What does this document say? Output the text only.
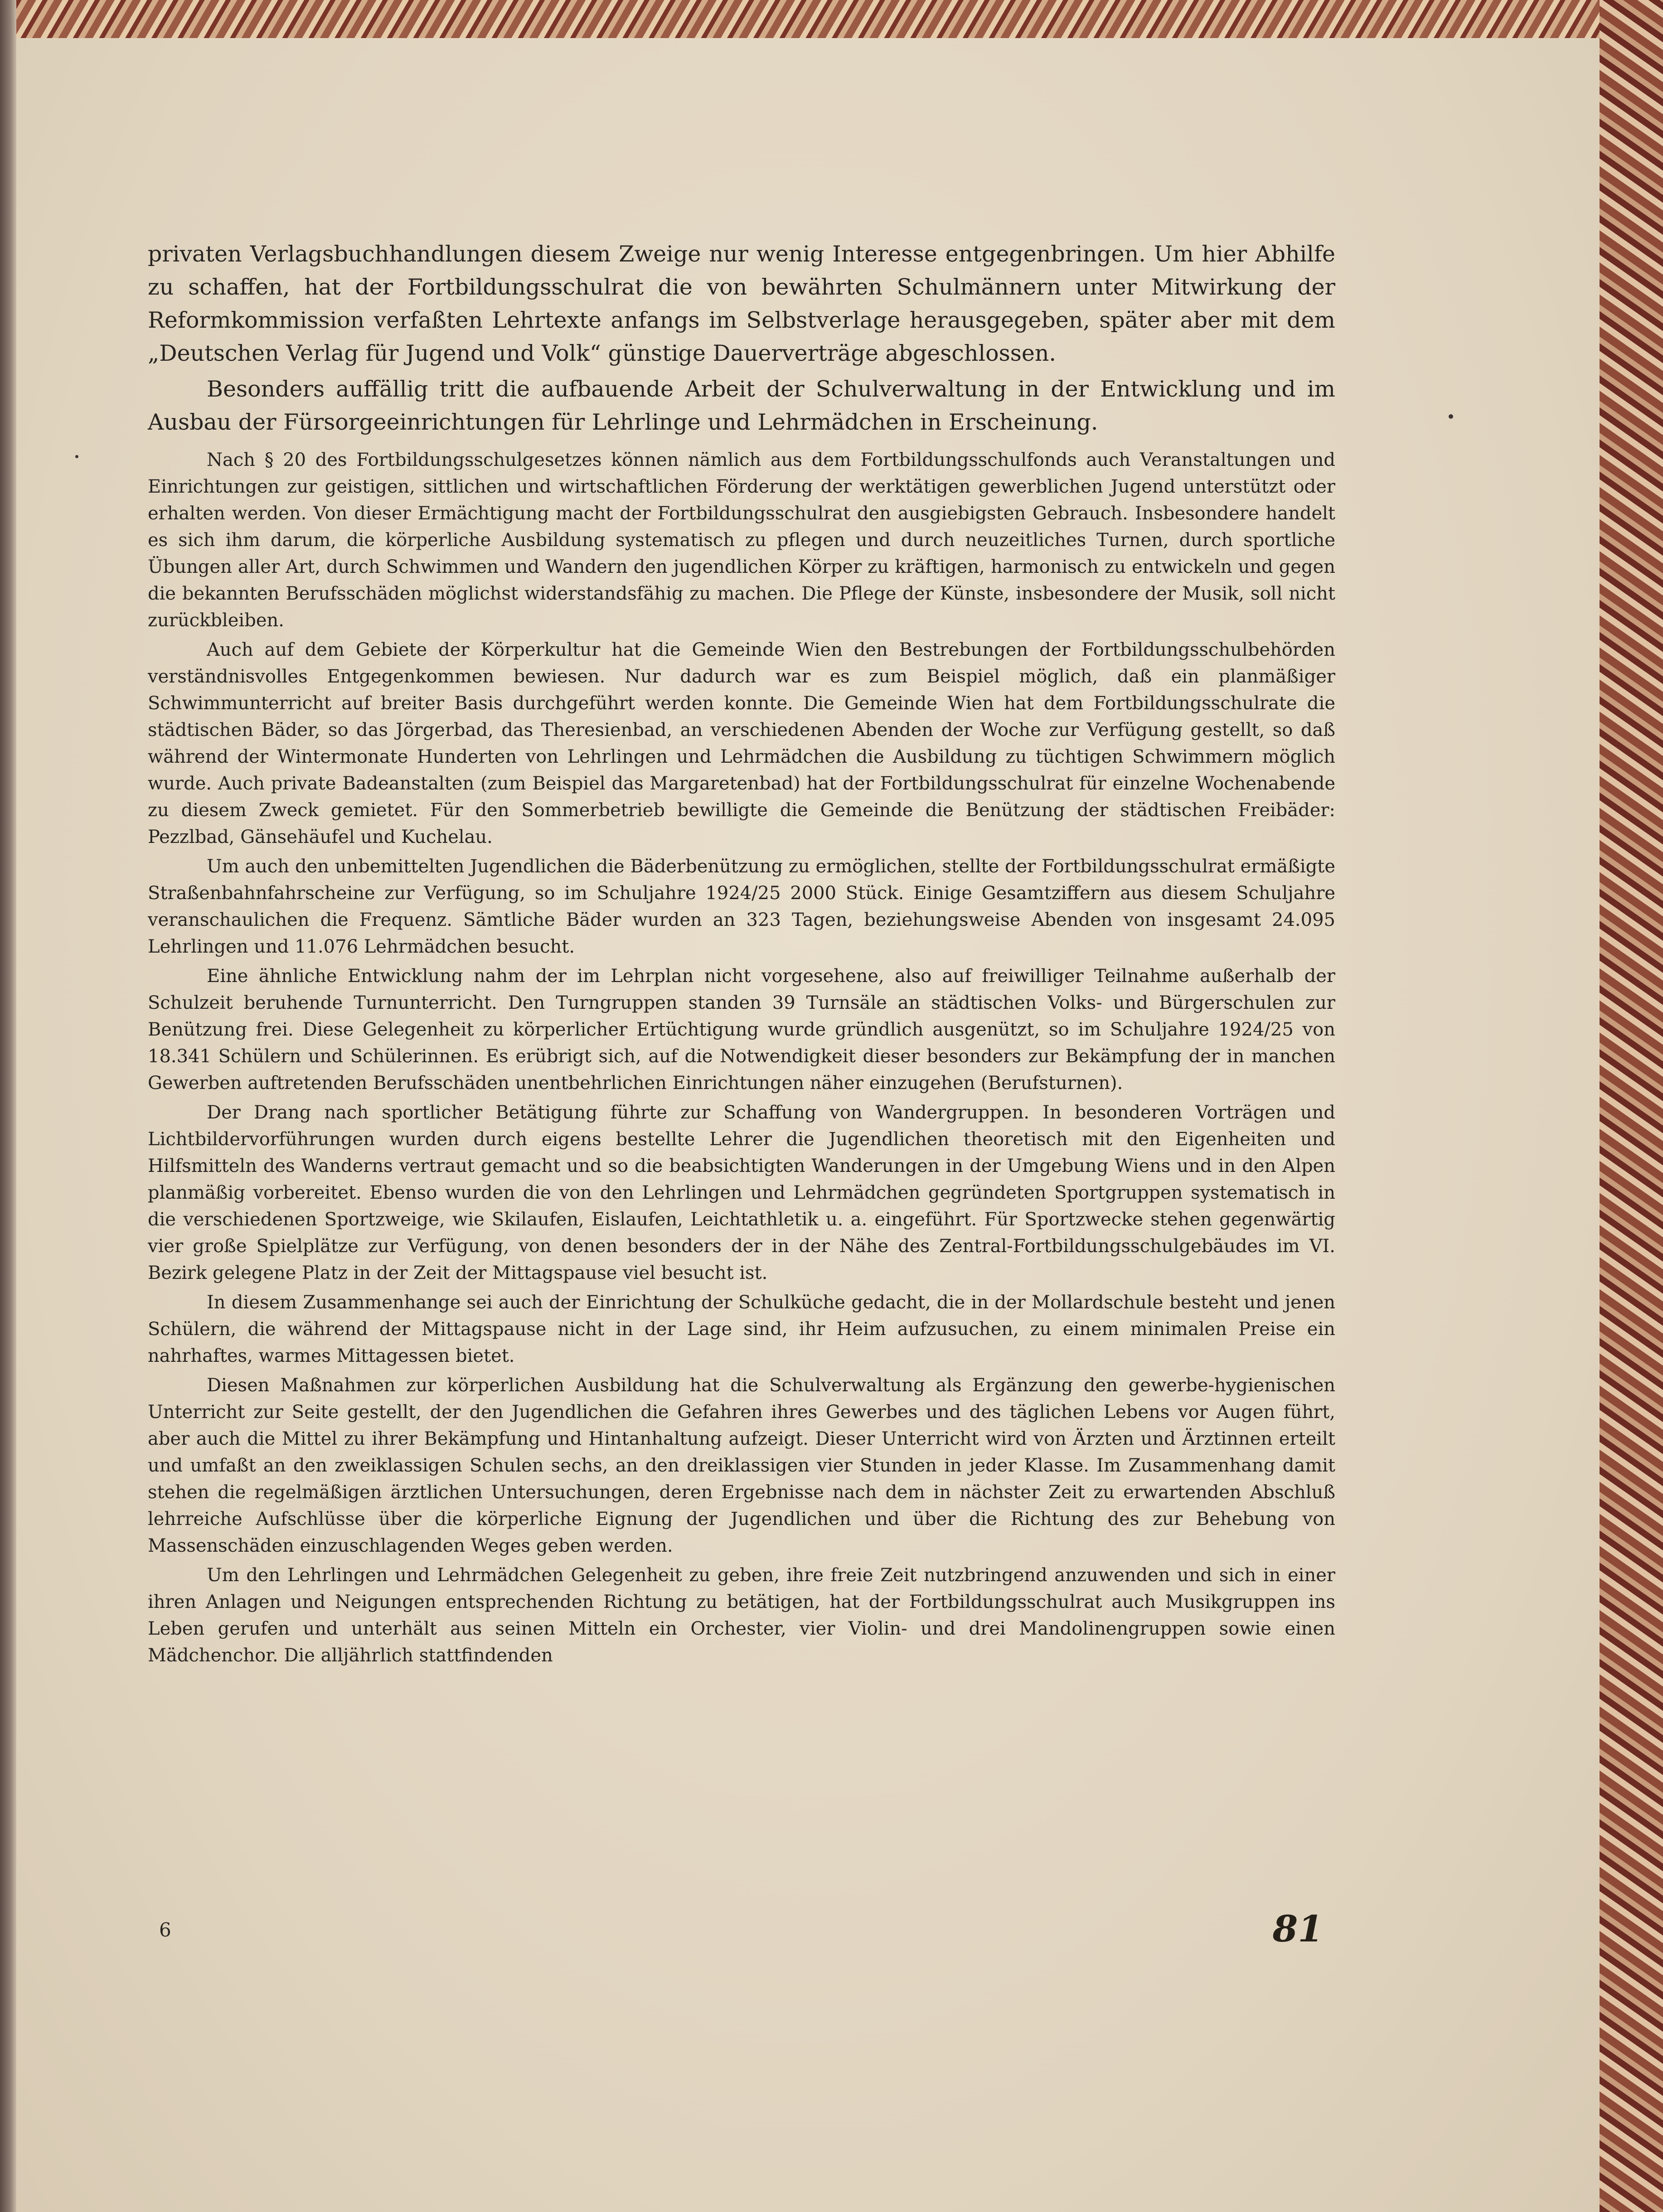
privaten Verlagsbuchhandlungen diesem Zweige nur wenig Interesse entgegenbringen. Um hier Abhilfe zu schaffen, hat der Fortbildungsschulrat die von bewährten Schulmännern unter Mitwirkung der Reformkommission verfaßten Lehrtexte anfangs im Selbstverlage herausgegeben, später aber mit dem „Deutschen Verlag für Jugend und Volk“ günstige Dauerverträge abgeschlossen.

Besonders auffällig tritt die aufbauende Arbeit der Schulverwaltung in der Entwicklung und im Ausbau der Fürsorgeeinrichtungen für Lehrlinge und Lehrmädchen in Erscheinung.

Nach § 20 des Fortbildungsschulgesetzes können nämlich aus dem Fortbildungsschulfonds auch Veranstaltungen und Einrichtungen zur geistigen, sittlichen und wirtschaftlichen Förderung der werktätigen gewerblichen Jugend unterstützt oder erhalten werden. Von dieser Ermächtigung macht der Fortbildungsschulrat den ausgiebigsten Gebrauch. Insbesondere handelt es sich ihm darum, die körperliche Ausbildung systematisch zu pflegen und durch neuzeitliches Turnen, durch sportliche Übungen aller Art, durch Schwimmen und Wandern den jugendlichen Körper zu kräftigen, harmonisch zu entwickeln und gegen die bekannten Berufsschäden möglichst widerstandsfähig zu machen. Die Pflege der Künste, insbesondere der Musik, soll nicht zurückbleiben.

Auch auf dem Gebiete der Körperkultur hat die Gemeinde Wien den Bestrebungen der Fortbildungsschulbehörden verständnisvolles Entgegenkommen bewiesen. Nur dadurch war es zum Beispiel möglich, daß ein planmäßiger Schwimmunterricht auf breiter Basis durchgeführt werden konnte. Die Gemeinde Wien hat dem Fortbildungsschulrate die städtischen Bäder, so das Jörgerbad, das Theresienbad, an verschiedenen Abenden der Woche zur Verfügung gestellt, so daß während der Wintermonate Hunderten von Lehrlingen und Lehrmädchen die Ausbildung zu tüchtigen Schwimmern möglich wurde. Auch private Badeanstalten (zum Beispiel das Margaretenbad) hat der Fortbildungsschulrat für einzelne Wochenabende zu diesem Zweck gemietet. Für den Sommerbetrieb bewilligte die Gemeinde die Benützung der städtischen Freibäder: Pezzlbad, Gänsehäufel und Kuchelau.

Um auch den unbemittelten Jugendlichen die Bäderbenützung zu ermöglichen, stellte der Fortbildungsschulrat ermäßigte Straßenbahnfahrscheine zur Verfügung, so im Schuljahre 1924/25 2000 Stück. Einige Gesamtziffern aus diesem Schuljahre veranschaulichen die Frequenz. Sämtliche Bäder wurden an 323 Tagen, beziehungsweise Abenden von insgesamt 24.095 Lehrlingen und 11.076 Lehrmädchen besucht.

Eine ähnliche Entwicklung nahm der im Lehrplan nicht vorgesehene, also auf freiwilliger Teilnahme außerhalb der Schulzeit beruhende Turnunterricht. Den Turngruppen standen 39 Turnsäle an städtischen Volks- und Bürgerschulen zur Benützung frei. Diese Gelegenheit zu körperlicher Ertüchtigung wurde gründlich ausgenützt, so im Schuljahre 1924/25 von 18.341 Schülern und Schülerinnen. Es erübrigt sich, auf die Notwendigkeit dieser besonders zur Bekämpfung der in manchen Gewerben auftretenden Berufsschäden unentbehrlichen Einrichtungen näher einzugehen (Berufsturnen).

Der Drang nach sportlicher Betätigung führte zur Schaffung von Wandergruppen. In besonderen Vorträgen und Lichtbildervorführungen wurden durch eigens bestellte Lehrer die Jugendlichen theoretisch mit den Eigenheiten und Hilfsmitteln des Wanderns vertraut gemacht und so die beabsichtigten Wanderungen in der Umgebung Wiens und in den Alpen planmäßig vorbereitet. Ebenso wurden die von den Lehrlingen und Lehrmädchen gegründeten Sportgruppen systematisch in die verschiedenen Sportzweige, wie Skilaufen, Eislaufen, Leichtathletik u. a. eingeführt. Für Sportzwecke stehen gegenwärtig vier große Spielplätze zur Verfügung, von denen besonders der in der Nähe des Zentral-Fortbildungsschulgebäudes im VI. Bezirk gelegene Platz in der Zeit der Mittagspause viel besucht ist.

In diesem Zusammenhange sei auch der Einrichtung der Schulküche gedacht, die in der Mollardschule besteht und jenen Schülern, die während der Mittagspause nicht in der Lage sind, ihr Heim aufzusuchen, zu einem minimalen Preise ein nahrhaftes, warmes Mittagessen bietet.

Diesen Maßnahmen zur körperlichen Ausbildung hat die Schulverwaltung als Ergänzung den gewerbe-hygienischen Unterricht zur Seite gestellt, der den Jugendlichen die Gefahren ihres Gewerbes und des täglichen Lebens vor Augen führt, aber auch die Mittel zu ihrer Bekämpfung und Hintanhaltung aufzeigt. Dieser Unterricht wird von Ärzten und Ärztinnen erteilt und umfaßt an den zweiklassigen Schulen sechs, an den dreiklassigen vier Stunden in jeder Klasse. Im Zusammenhang damit stehen die regelmäßigen ärztlichen Untersuchungen, deren Ergebnisse nach dem in nächster Zeit zu erwartenden Abschluß lehrreiche Aufschlüsse über die körperliche Eignung der Jugendlichen und über die Richtung des zur Behebung von Massenschäden einzuschlagenden Weges geben werden.

Um den Lehrlingen und Lehrmädchen Gelegenheit zu geben, ihre freie Zeit nutzbringend anzuwenden und sich in einer ihren Anlagen und Neigungen entsprechenden Richtung zu betätigen, hat der Fortbildungsschulrat auch Musikgruppen ins Leben gerufen und unterhält aus seinen Mitteln ein Orchester, vier Violin- und drei Mandolinengruppen sowie einen Mädchenchor. Die alljährlich stattfindenden

6	81
